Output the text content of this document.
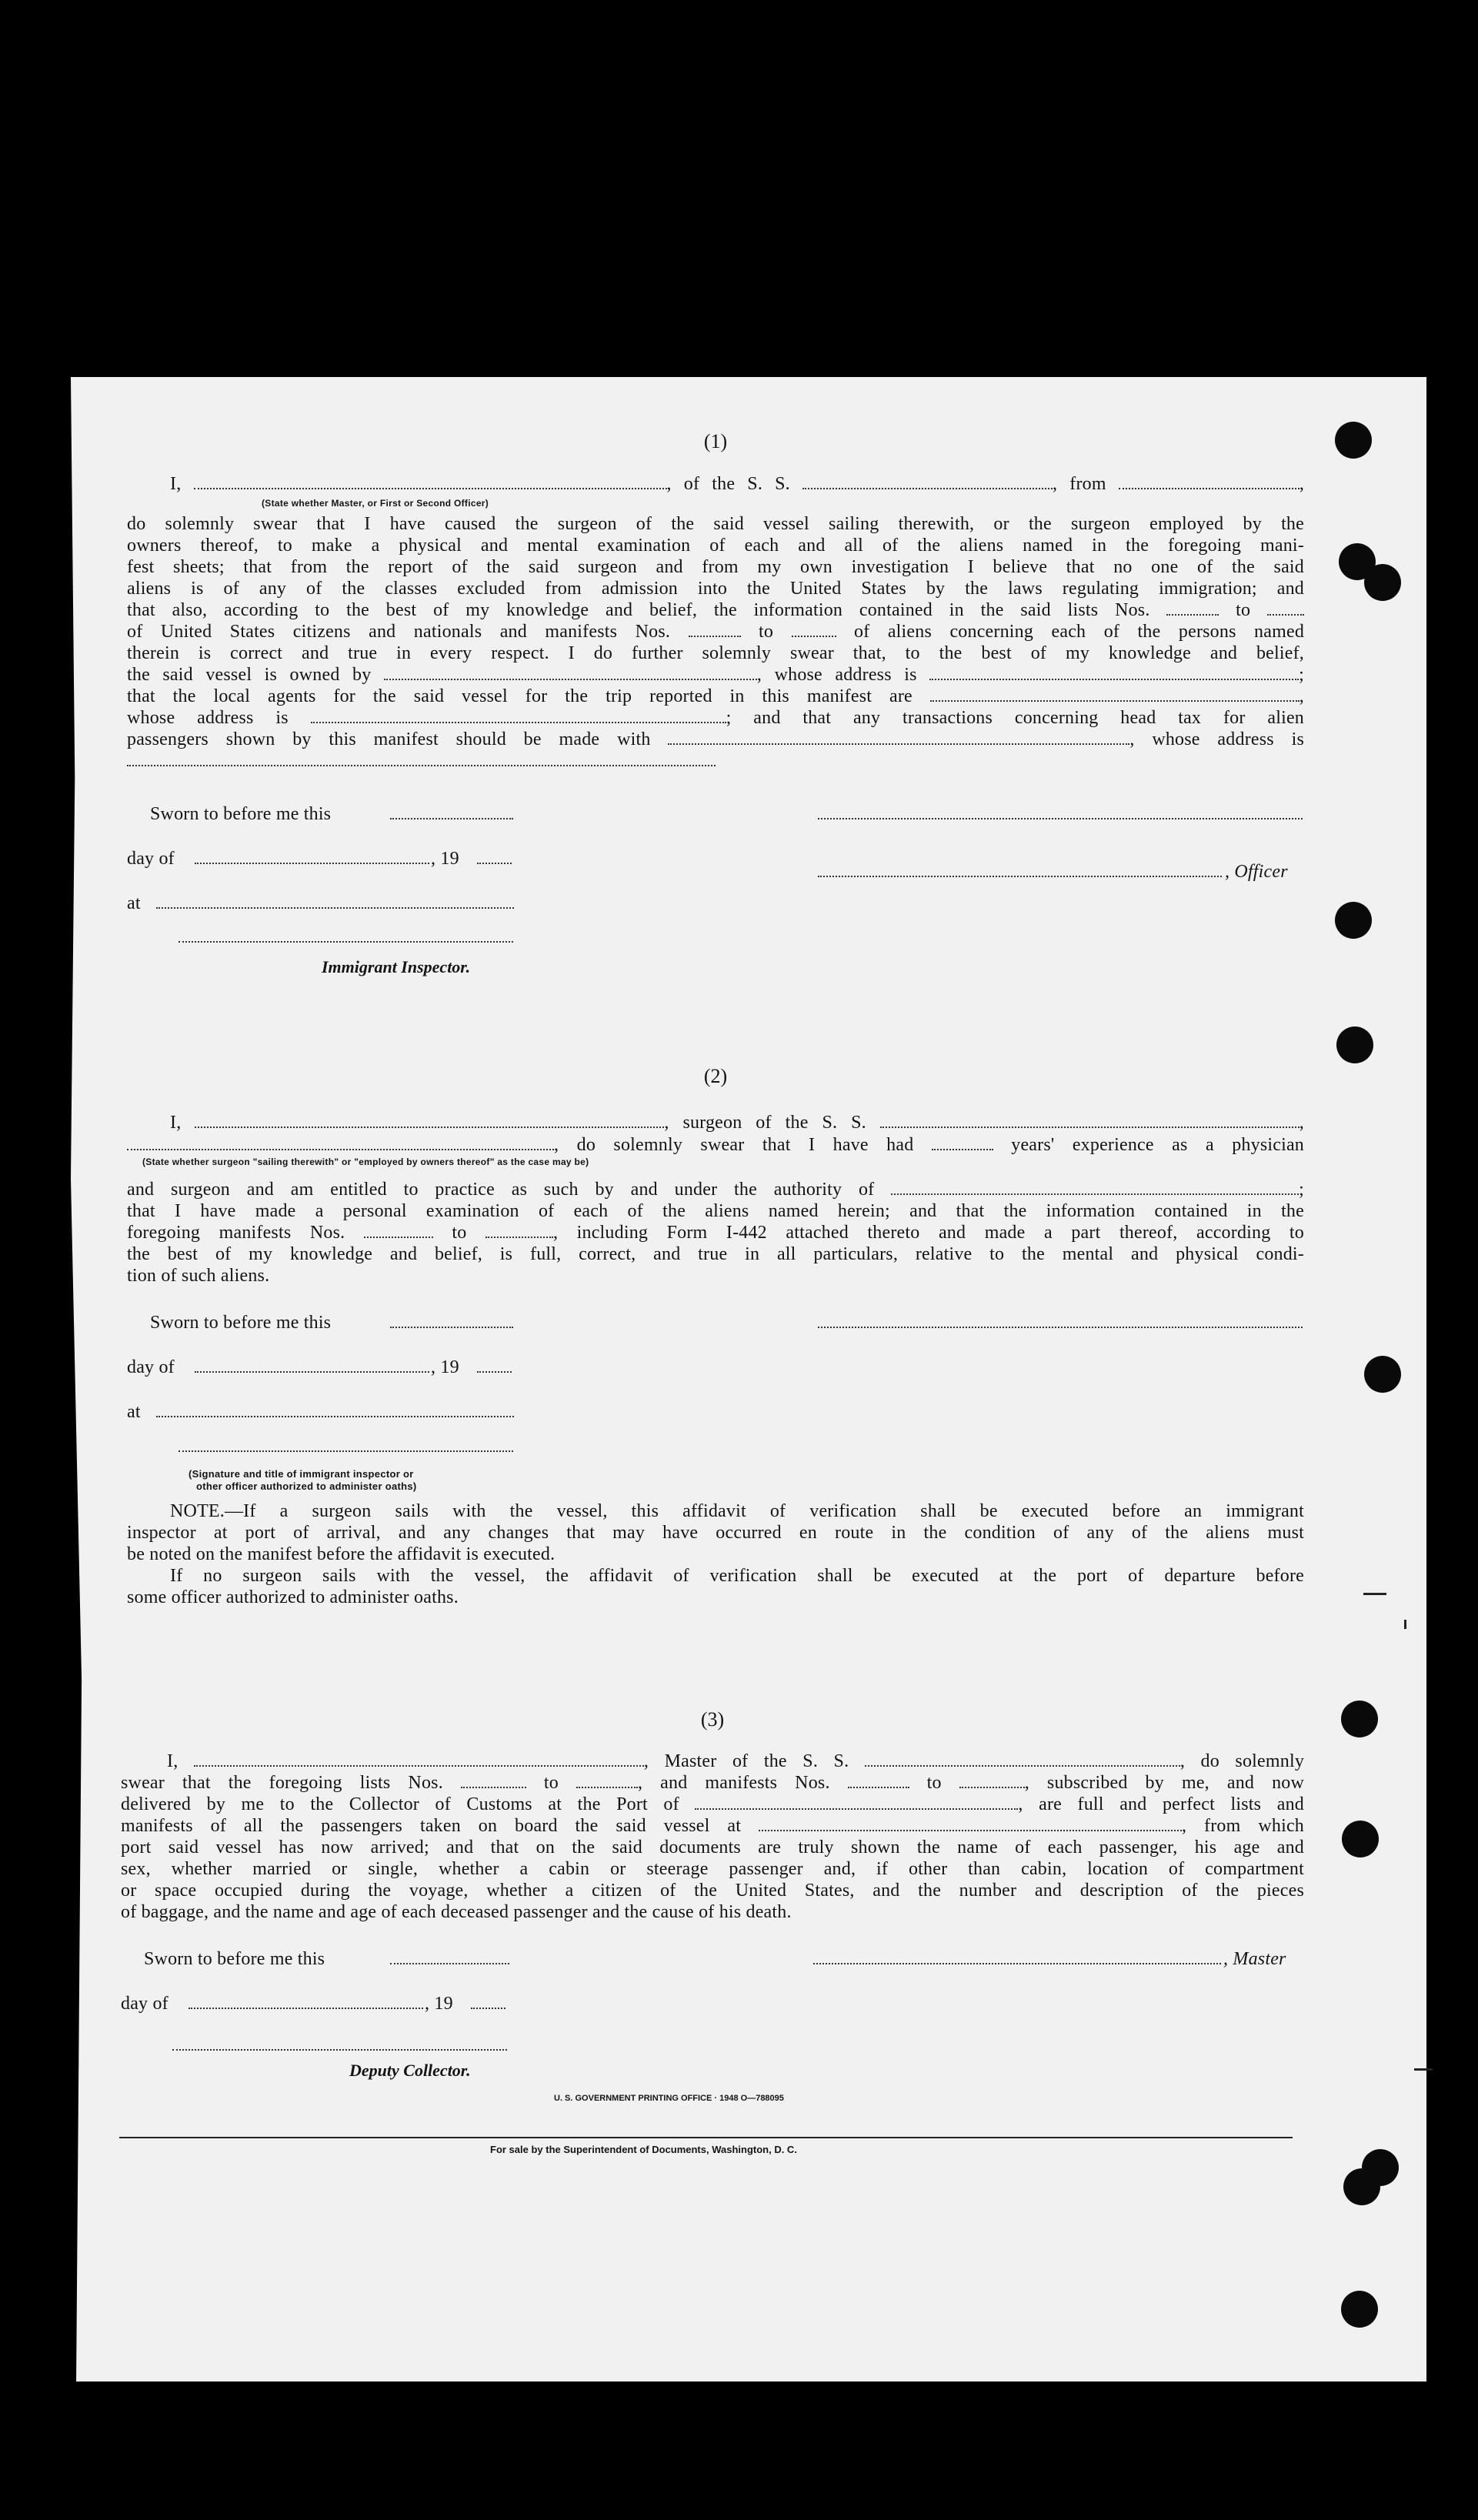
(1)
I,	, of the S. S.	, from	,
(State whether Master, or First or Second Officer)
do solemnly swear that I have caused the surgeon of the said vessel sailing therewith, or the surgeon employed by the
owners thereof, to make a physical and mental examination of each and all of the aliens named in the foregoing mani-
fest sheets; that from the report of the said surgeon and from my own investigation I believe that no one of the said
aliens is of any of the classes excluded from admission into the United States by the laws regulating immigration; and
that also, according to the best of my knowledge and belief, the information contained in the said lists Nos.	to
of United States citizens and nationals and manifests Nos.	to	of aliens concerning each of the persons named
therein is correct and true in every respect. I do further solemnly swear that, to the best of my knowledge and belief,
the said vessel is owned by	, whose address is	;
that the local agents for the said vessel for the trip reported in this manifest are	,
whose address is	; and that any transactions concerning head tax for alien
passengers shown by this manifest should be made with	, whose address is
Sworn to before me this
day of	, 19
, Officer
at
Immigrant Inspector.
(2)
I,	, surgeon of the S. S.	,
, do solemnly swear that I have had	years' experience as a physician
(State whether surgeon "sailing therewith" or "employed by owners thereof" as the case may be)
and surgeon and am entitled to practice as such by and under the authority of	;
that I have made a personal examination of each of the aliens named herein; and that the information contained in the
foregoing manifests Nos.	to	, including Form I-442 attached thereto and made a part thereof, according to
the best of my knowledge and belief, is full, correct, and true in all particulars, relative to the mental and physical condi-
tion of such aliens.
Sworn to before me this
day of	, 19
at
(Signature and title of immigrant inspector or
other officer authorized to administer oaths)
NOTE.—If a surgeon sails with the vessel, this affidavit of verification shall be executed before an immigrant
inspector at port of arrival, and any changes that may have occurred en route in the condition of any of the aliens must
be noted on the manifest before the affidavit is executed.
If no surgeon sails with the vessel, the affidavit of verification shall be executed at the port of departure before
some officer authorized to administer oaths.
(3)
I,	, Master of the S. S.	, do solemnly
swear that the foregoing lists Nos.	to	, and manifests Nos.	to	, subscribed by me, and now
delivered by me to the Collector of Customs at the Port of	, are full and perfect lists and
manifests of all the passengers taken on board the said vessel at	, from which
port said vessel has now arrived; and that on the said documents are truly shown the name of each passenger, his age and
sex, whether married or single, whether a cabin or steerage passenger and, if other than cabin, location of compartment
or space occupied during the voyage, whether a citizen of the United States, and the number and description of the pieces
of baggage, and the name and age of each deceased passenger and the cause of his death.
Sworn to before me this	, Master
day of	, 19
Deputy Collector.
U. S. GOVERNMENT PRINTING OFFICE · 1948 O—788095
For sale by the Superintendent of Documents, Washington, D. C.
